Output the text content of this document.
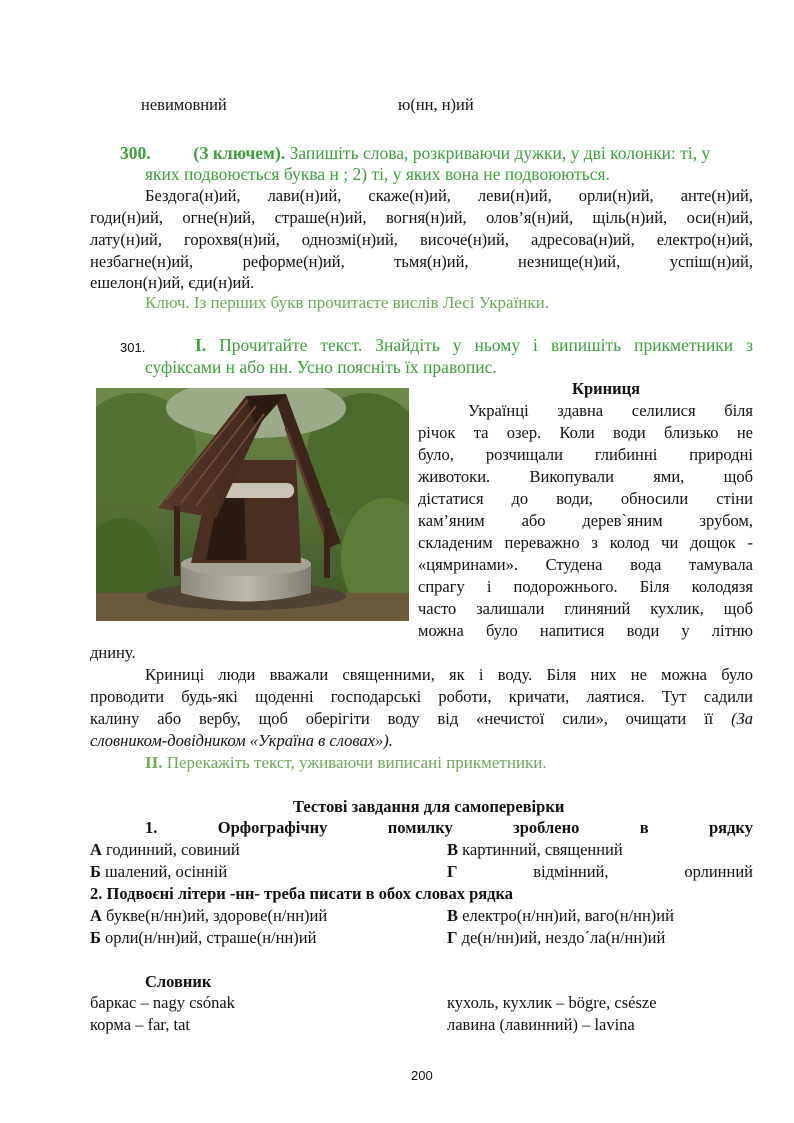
невимовний	ю(нн, н)ий
300. (З ключем). Запишіть слова, розкриваючи дужки, у дві колонки: ті, у
яких подвоюється буква н ; 2) ті, у яких вона не подвоюються.
Бездога(н)ий, лави(н)ий, скаже(н)ий, леви(н)ий, орли(н)ий, анте(н)ий,
годи(н)ий, огне(н)ий, страше(н)ий, вогня(н)ий, олов’я(н)ий, щіль(н)ий, оси(н)ий,
лату(н)ий, горохвя(н)ий, однозмі(н)ий, височе(н)ий, адресова(н)ий, електро(н)ий,
незбагне(н)ий, реформе(н)ий, тьмя(н)ий, незнище(н)ий, успіш(н)ий,
ешелон(н)ий, єди(н)ий.
Ключ. Із перших букв прочитаєте вислів Лесі Українки.
301.	І. Прочитайте текст. Знайдіть у ньому і випишіть прикметники з
суфіксами н або нн. Усно поясніть їх правопис.
Криниця
Українці здавна селилися біля
річок та озер. Коли води близько не
було, розчищали глибинні природні
животоки. Викопували ями, щоб
дістатися до води, обносили стіни
кам’яним або дерев`яним зрубом,
складеним переважно з колод чи дощок -
«цямринами». Студена вода тамувала
спрагу і подорожнього. Біля колодязя
часто залишали глиняний кухлик, щоб
можна було напитися води у літню
днину.
Криниці люди вважали священними, як і воду. Біля них не можна було
проводити будь-які щоденні господарські роботи, кричати, лаятися. Тут садили
калину або вербу, щоб оберігіти воду від «нечистої сили», очищати її (За
словником-довідником «Україна в словах»).
ІІ. Перекажіть текст, уживаючи виписані прикметники.
Тестові завдання для самоперевірки
1.	Орфографічну	помилку	зроблено	в	рядку
А годинний, совиний	В картинний, священний
Б шалений, осінній	Г	відмінний,	орлинний
2. Подвоєні літери -нн- треба писати в обох словах рядка
А букве(н/нн)ий, здорове(н/нн)ий	В електро(н/нн)ий, ваго(н/нн)ий
Б орли(н/нн)ий, страше(н/нн)ий	Г де(н/нн)ий, нездо´ла(н/нн)ий
Словник
баркас – nagy csónak	кухоль, кухлик – bögre, csésze
корма – far, tat	лавина (лавинний) – lavina
200
